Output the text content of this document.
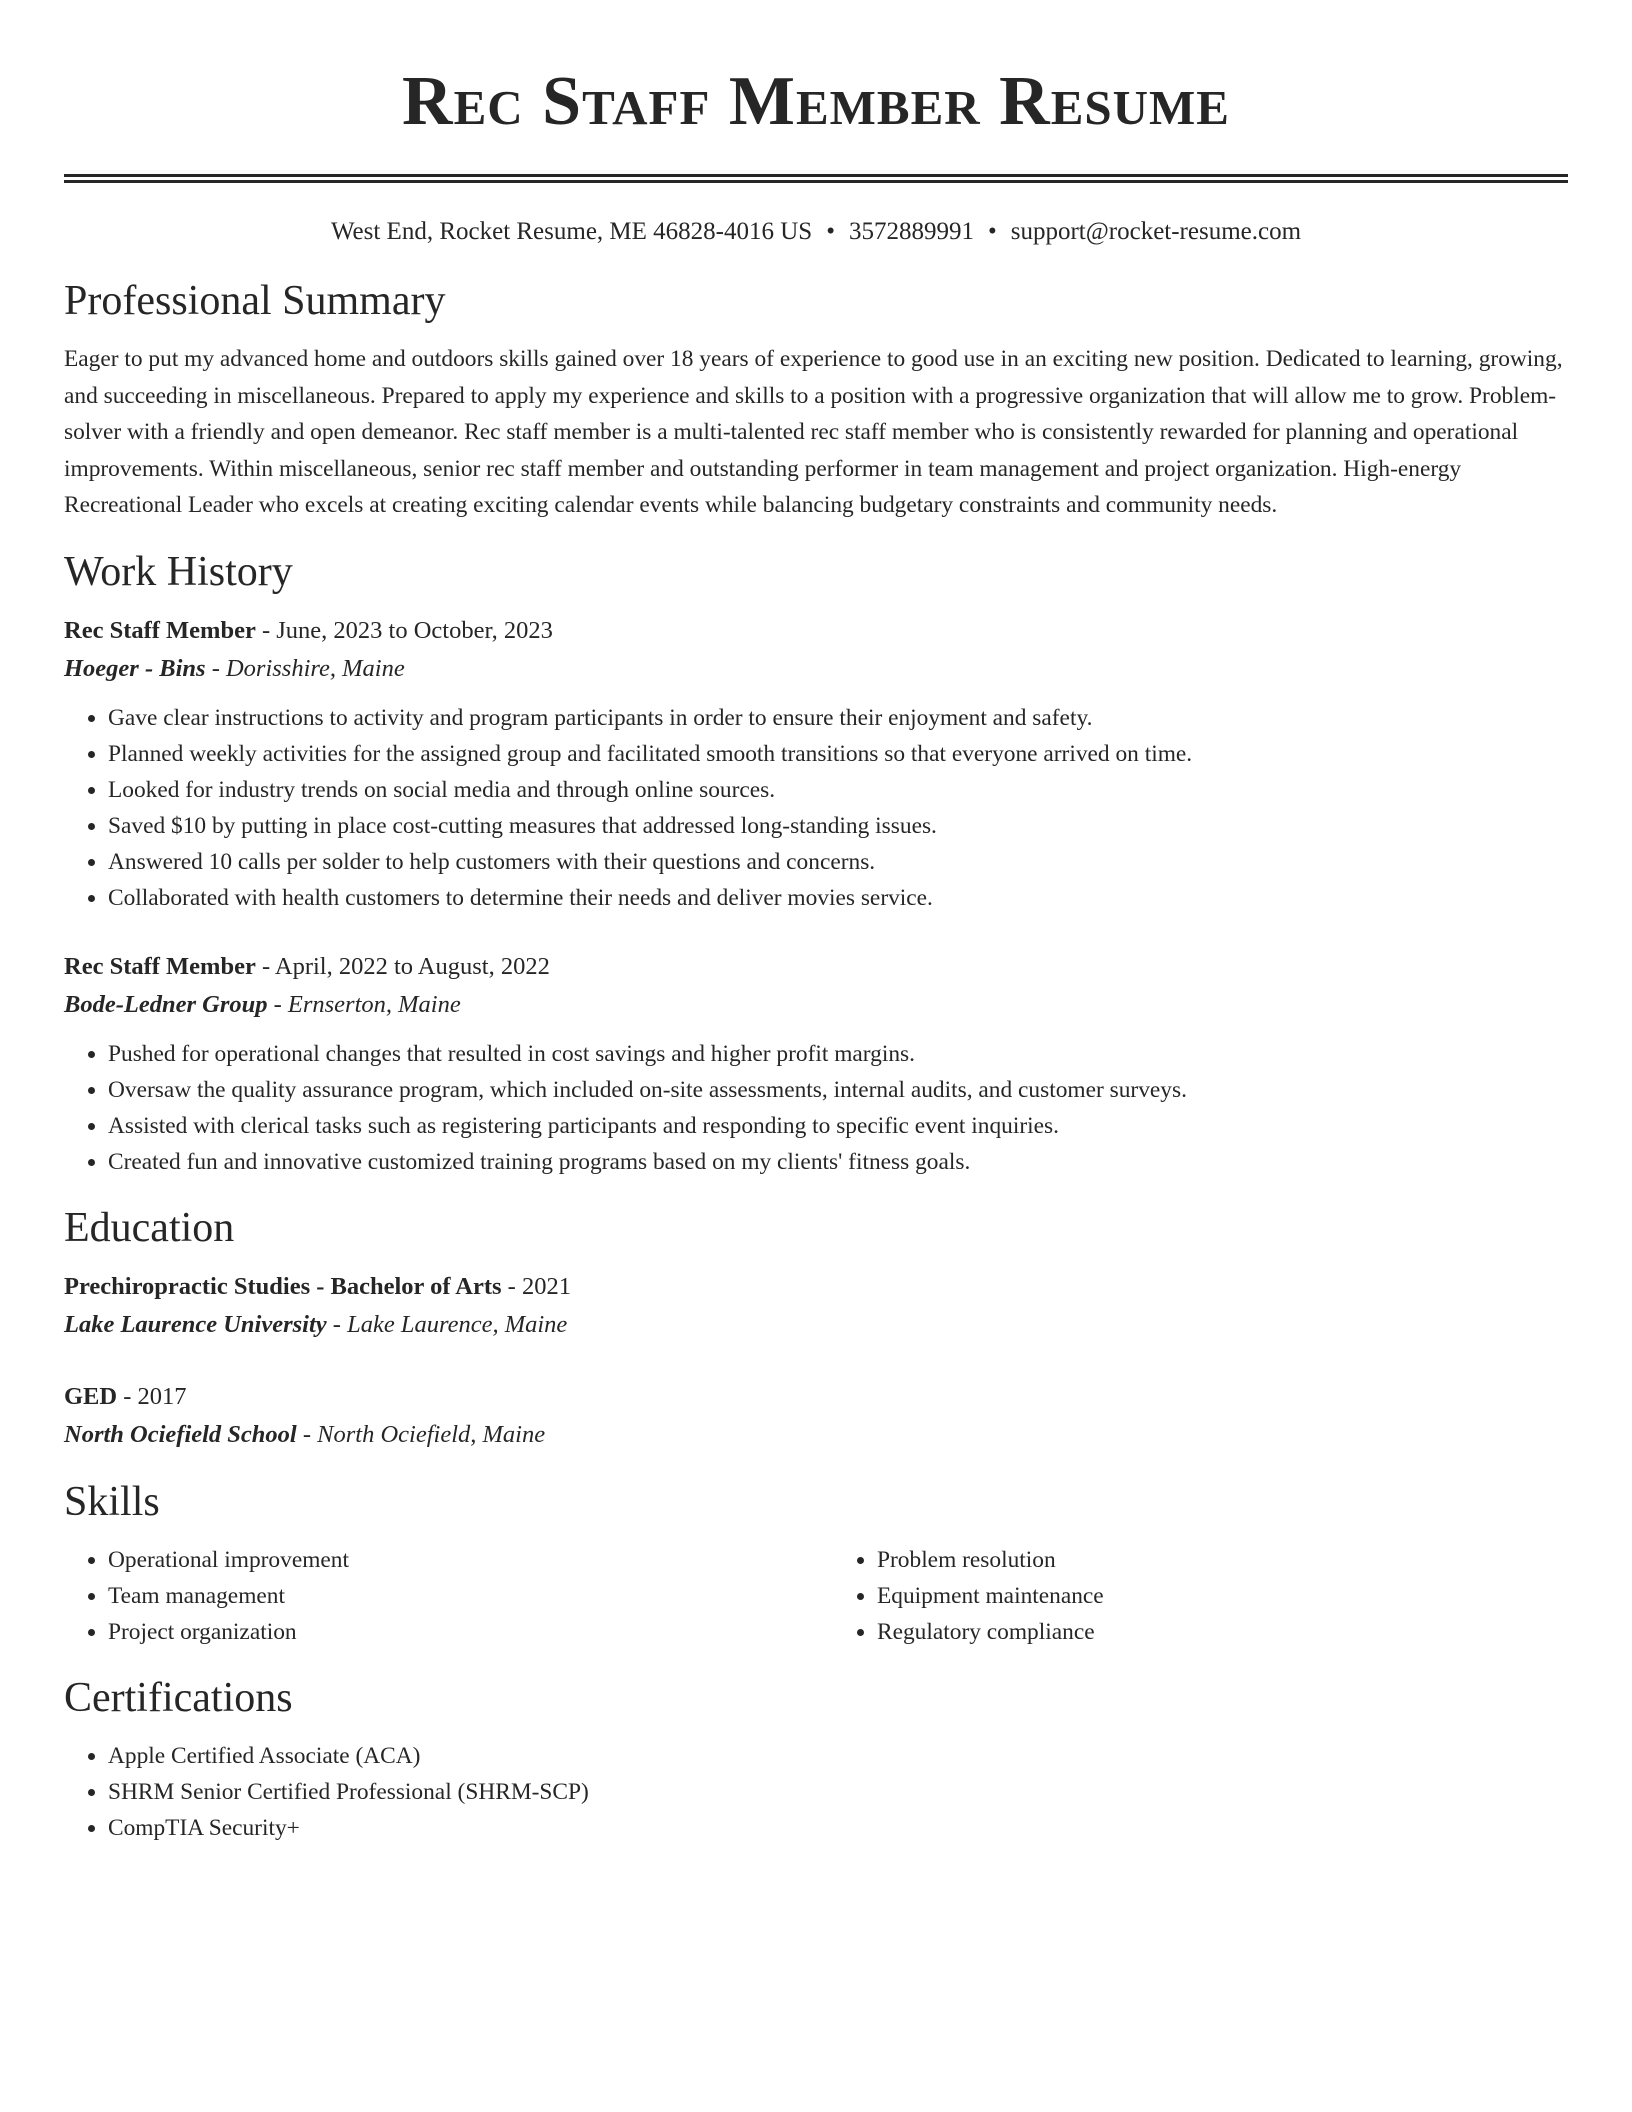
Rec Staff Member Resume
West End, Rocket Resume, ME 46828-4016 US • 3572889991 • support@rocket-resume.com
Professional Summary

Eager to put my advanced home and outdoors skills gained over 18 years of experience to good use in an exciting new position. Dedicated to learning, growing, and succeeding in miscellaneous. Prepared to apply my experience and skills to a position with a progressive organization that will allow me to grow. Problem-solver with a friendly and open demeanor. Rec staff member is a multi-talented rec staff member who is consistently rewarded for planning and operational improvements. Within miscellaneous, senior rec staff member and outstanding performer in team management and project organization. High-energy Recreational Leader who excels at creating exciting calendar events while balancing budgetary constraints and community needs.

Work History
Rec Staff Member - June, 2023 to October, 2023
Hoeger - Bins - Dorisshire, Maine
• Gave clear instructions to activity and program participants in order to ensure their enjoyment and safety.
• Planned weekly activities for the assigned group and facilitated smooth transitions so that everyone arrived on time.
• Looked for industry trends on social media and through online sources.
• Saved $10 by putting in place cost-cutting measures that addressed long-standing issues.
• Answered 10 calls per solder to help customers with their questions and concerns.
• Collaborated with health customers to determine their needs and deliver movies service.
Rec Staff Member - April, 2022 to August, 2022
Bode-Ledner Group - Ernserton, Maine
• Pushed for operational changes that resulted in cost savings and higher profit margins.
• Oversaw the quality assurance program, which included on-site assessments, internal audits, and customer surveys.
• Assisted with clerical tasks such as registering participants and responding to specific event inquiries.
• Created fun and innovative customized training programs based on my clients' fitness goals.
Education
Prechiropractic Studies - Bachelor of Arts - 2021
Lake Laurence University - Lake Laurence, Maine
GED - 2017
North Ociefield School - North Ociefield, Maine
Skills
• Operational improvement
• Team management
• Project organization
• Problem resolution
• Equipment maintenance
• Regulatory compliance
Certifications
• Apple Certified Associate (ACA)
• SHRM Senior Certified Professional (SHRM-SCP)
• CompTIA Security+
